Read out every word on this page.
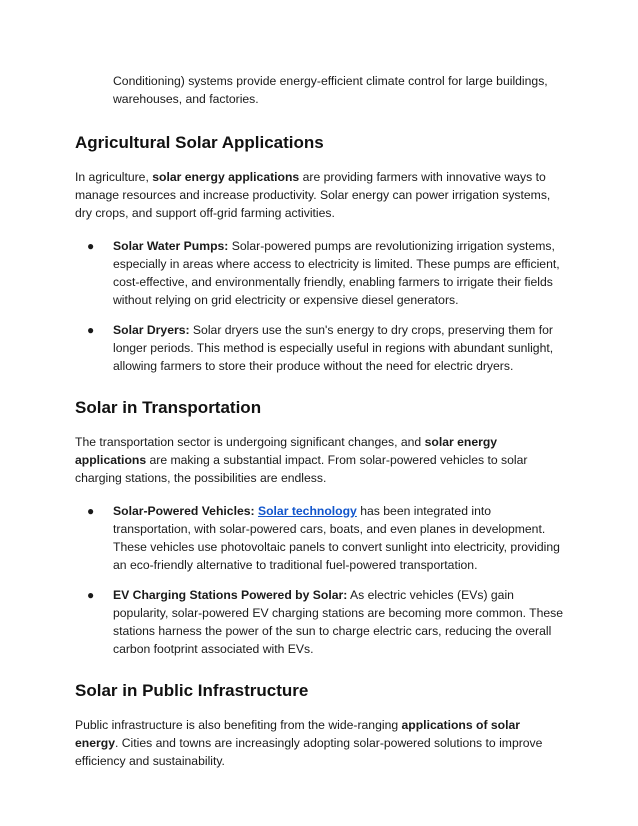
Conditioning) systems provide energy-efficient climate control for large buildings, warehouses, and factories.

Agricultural Solar Applications

In agriculture, solar energy applications are providing farmers with innovative ways to manage resources and increase productivity. Solar energy can power irrigation systems, dry crops, and support off-grid farming activities.

● Solar Water Pumps: Solar-powered pumps are revolutionizing irrigation systems, especially in areas where access to electricity is limited. These pumps are efficient, cost-effective, and environmentally friendly, enabling farmers to irrigate their fields without relying on grid electricity or expensive diesel generators.
● Solar Dryers: Solar dryers use the sun's energy to dry crops, preserving them for longer periods. This method is especially useful in regions with abundant sunlight, allowing farmers to store their produce without the need for electric dryers.
Solar in Transportation

The transportation sector is undergoing significant changes, and solar energy applications are making a substantial impact. From solar-powered vehicles to solar charging stations, the possibilities are endless.

● Solar-Powered Vehicles: Solar technology has been integrated into transportation, with solar-powered cars, boats, and even planes in development. These vehicles use photovoltaic panels to convert sunlight into electricity, providing an eco-friendly alternative to traditional fuel-powered transportation.
● EV Charging Stations Powered by Solar: As electric vehicles (EVs) gain popularity, solar-powered EV charging stations are becoming more common. These stations harness the power of the sun to charge electric cars, reducing the overall carbon footprint associated with EVs.
Solar in Public Infrastructure

Public infrastructure is also benefiting from the wide-ranging applications of solar energy. Cities and towns are increasingly adopting solar-powered solutions to improve efficiency and sustainability.
